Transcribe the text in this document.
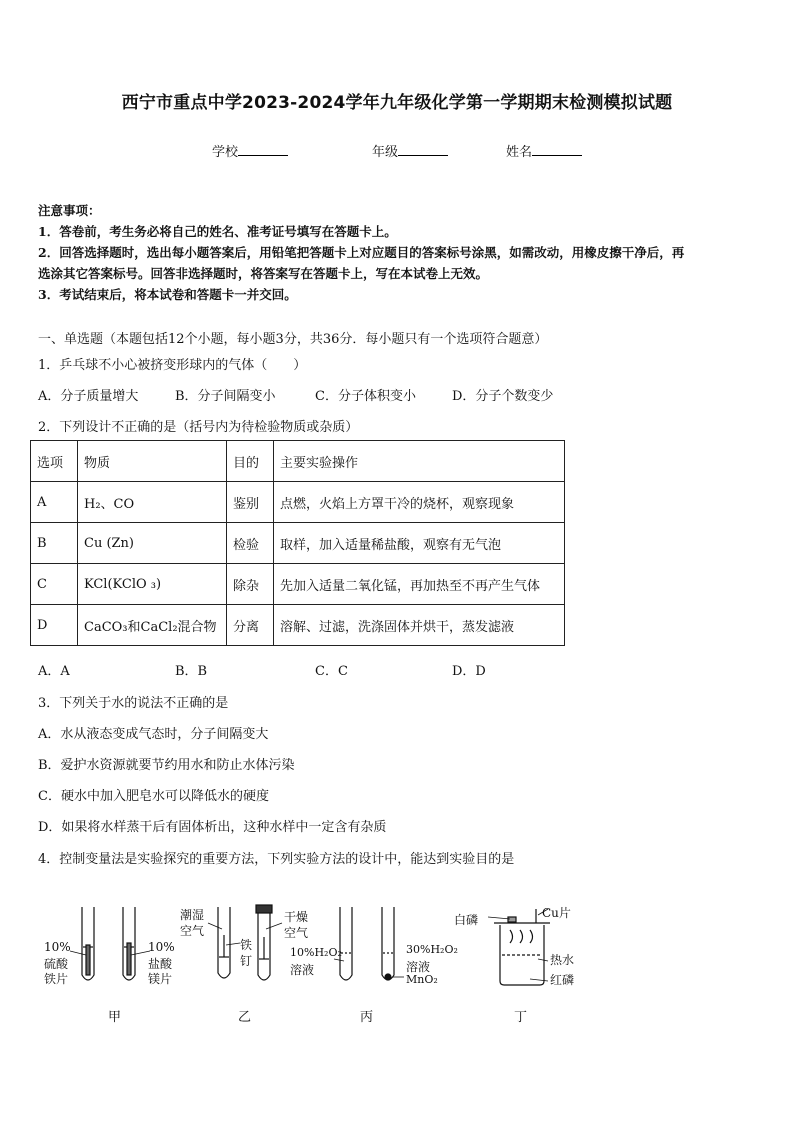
西宁市重点中学2023-2024学年九年级化学第一学期期末检测模拟试题
学校	年级	姓名
注意事项：
1．答卷前，考生务必将自己的姓名、准考证号填写在答题卡上。
2．回答选择题时，选出每小题答案后，用铅笔把答题卡上对应题目的答案标号涂黑，如需改动，用橡皮擦干净后，再
选涂其它答案标号。回答非选择题时，将答案写在答题卡上，写在本试卷上无效。
3．考试结束后，将本试卷和答题卡一并交回。
一、单选题（本题包括12个小题，每小题3分，共36分．每小题只有一个选项符合题意）
1．乒乓球不小心被挤变形球内的气体（　　）
A．分子质量增大	B．分子间隔变小	C．分子体积变小	D．分子个数变少
2．下列设计不正确的是（括号内为待检验物质或杂质）
选项	物质	目的	主要实验操作
A	H₂、CO	鉴别	点燃，火焰上方罩干冷的烧杯，观察现象
B	Cu (Zn)	检验	取样，加入适量稀盐酸，观察有无气泡
C	KCl(KClO ₃)	除杂	先加入适量二氧化锰，再加热至不再产生气体
D	CaCO₃和CaCl₂混合物	分离	溶解、过滤，洗涤固体并烘干，蒸发滤液
A．A	B．B	C．C	D．D
3．下列关于水的说法不正确的是
A．水从液态变成气态时，分子间隔变大
B．爱护水资源就要节约用水和防止水体污染
C．硬水中加入肥皂水可以降低水的硬度
D．如果将水样蒸干后有固体析出，这种水样中一定含有杂质
4．控制变量法是实验探究的重要方法，下列实验方法的设计中，能达到实验目的是
10%
硫酸
铁片
10%
盐酸
镁片
潮湿
空气
铁
钉
干燥
空气
10%H₂O₂
溶液
30%H₂O₂
溶液
MnO₂
白磷	Cu片
热水
红磷
甲	乙	丙	丁
